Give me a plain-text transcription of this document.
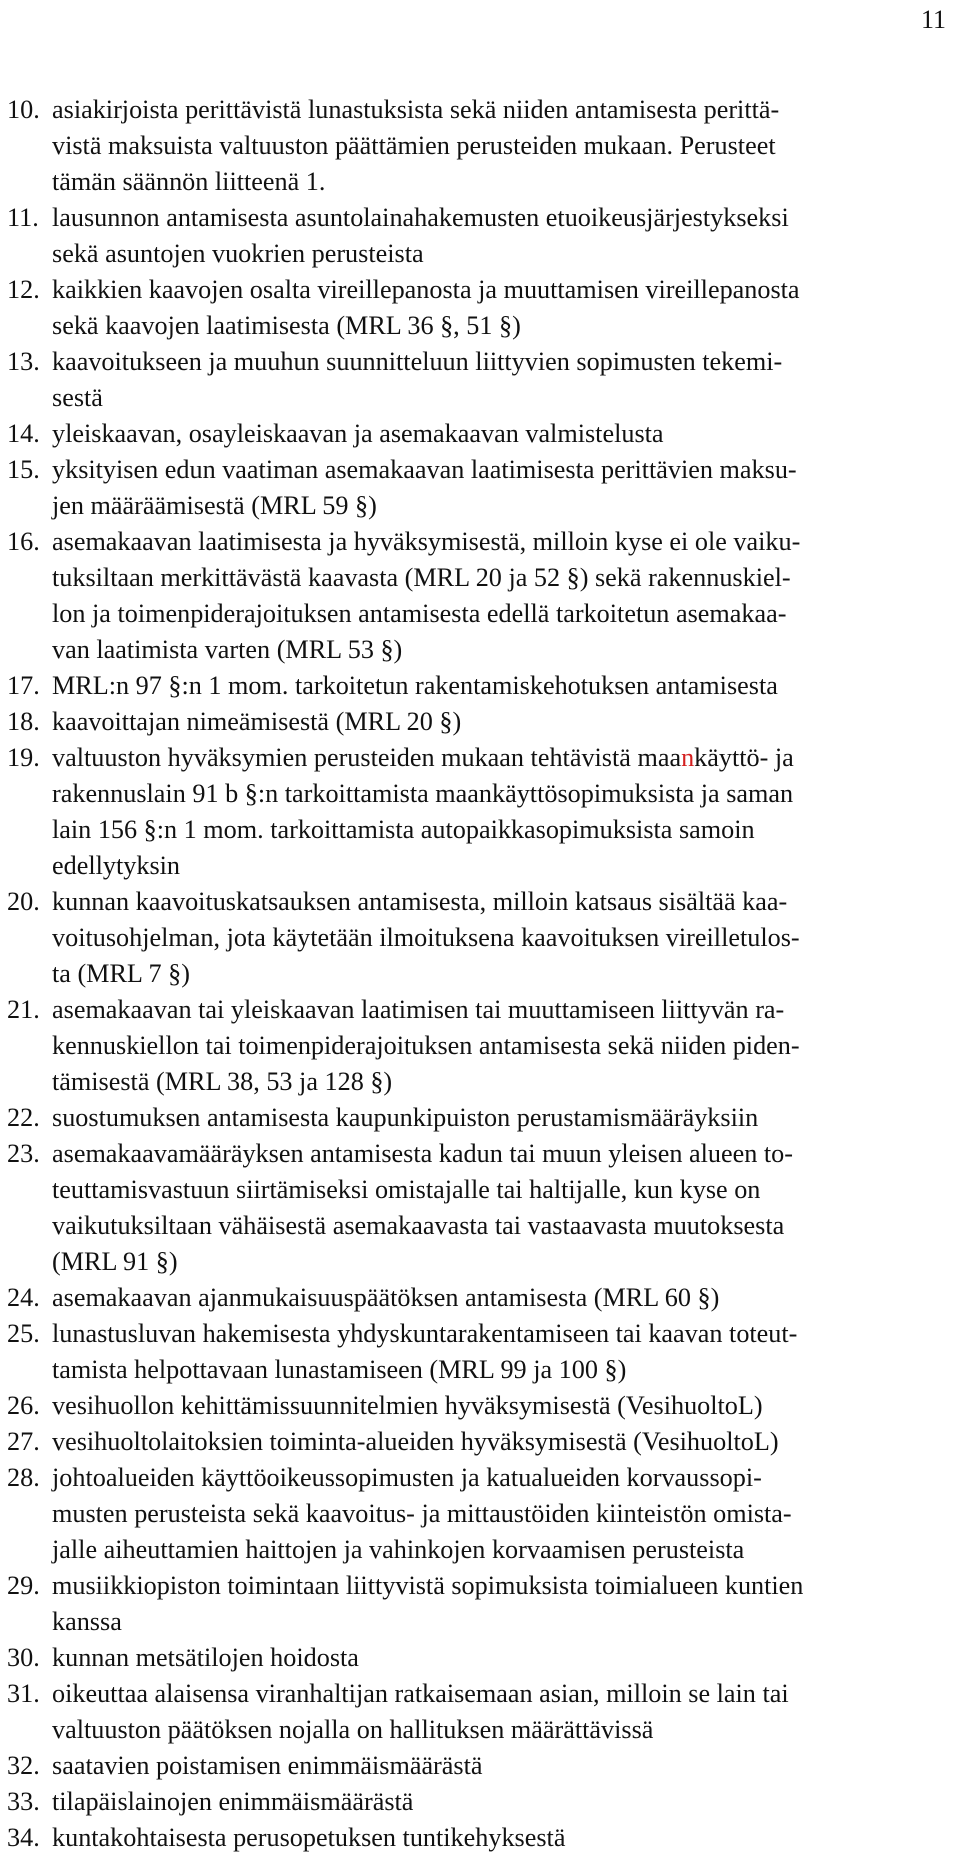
11
10. asiakirjoista perittävistä lunastuksista sekä niiden antamisesta perittä-
vistä maksuista valtuuston päättämien perusteiden mukaan. Perusteet
tämän säännön liitteenä 1.
11. lausunnon antamisesta asuntolainahakemusten etuoikeusjärjestykseksi
sekä asuntojen vuokrien perusteista
12. kaikkien kaavojen osalta vireillepanosta ja muuttamisen vireillepanosta
sekä kaavojen laatimisesta (MRL 36 §, 51 §)
13. kaavoitukseen ja muuhun suunnitteluun liittyvien sopimusten tekemi-
sestä
14. yleiskaavan, osayleiskaavan ja asemakaavan valmistelusta
15. yksityisen edun vaatiman asemakaavan laatimisesta perittävien maksu-
jen määräämisestä (MRL 59 §)
16. asemakaavan laatimisesta ja hyväksymisestä, milloin kyse ei ole vaiku-
tuksiltaan merkittävästä kaavasta (MRL 20 ja 52 §) sekä rakennuskiel-
lon ja toimenpiderajoituksen antamisesta edellä tarkoitetun asemakaa-
van laatimista varten (MRL 53 §)
17. MRL:n 97 §:n 1 mom. tarkoitetun rakentamiskehotuksen antamisesta
18. kaavoittajan nimeämisestä (MRL 20 §)
19. valtuuston hyväksymien perusteiden mukaan tehtävistä maankäyttö- ja
rakennuslain 91 b §:n tarkoittamista maankäyttösopimuksista ja saman
lain 156 §:n 1 mom. tarkoittamista autopaikkasopimuksista samoin
edellytyksin
20. kunnan kaavoituskatsauksen antamisesta, milloin katsaus sisältää kaa-
voitusohjelman, jota käytetään ilmoituksena kaavoituksen vireilletulos-
ta (MRL 7 §)
21. asemakaavan tai yleiskaavan laatimisen tai muuttamiseen liittyvän ra-
kennuskiellon tai toimenpiderajoituksen antamisesta sekä niiden piden-
tämisestä (MRL 38, 53 ja 128 §)
22. suostumuksen antamisesta kaupunkipuiston perustamismääräyksiin
23. asemakaavamääräyksen antamisesta kadun tai muun yleisen alueen to-
teuttamisvastuun siirtämiseksi omistajalle tai haltijalle, kun kyse on
vaikutuksiltaan vähäisestä asemakaavasta tai vastaavasta muutoksesta
(MRL 91 §)
24. asemakaavan ajanmukaisuuspäätöksen antamisesta (MRL 60 §)
25. lunastusluvan hakemisesta yhdyskuntarakentamiseen tai kaavan toteut-
tamista helpottavaan lunastamiseen (MRL 99 ja 100 §)
26. vesihuollon kehittämissuunnitelmien hyväksymisestä (VesihuoltoL)
27. vesihuoltolaitoksien toiminta-alueiden hyväksymisestä (VesihuoltoL)
28. johtoalueiden käyttöoikeussopimusten ja katualueiden korvaussopi-
musten perusteista sekä kaavoitus- ja mittaustöiden kiinteistön omista-
jalle aiheuttamien haittojen ja vahinkojen korvaamisen perusteista
29. musiikkiopiston toimintaan liittyvistä sopimuksista toimialueen kuntien
kanssa
30. kunnan metsätilojen hoidosta
31. oikeuttaa alaisensa viranhaltijan ratkaisemaan asian, milloin se lain tai
valtuuston päätöksen nojalla on hallituksen määrättävissä
32. saatavien poistamisen enimmäismäärästä
33. tilapäislainojen enimmäismäärästä
34. kuntakohtaisesta perusopetuksen tuntikehyksestä
